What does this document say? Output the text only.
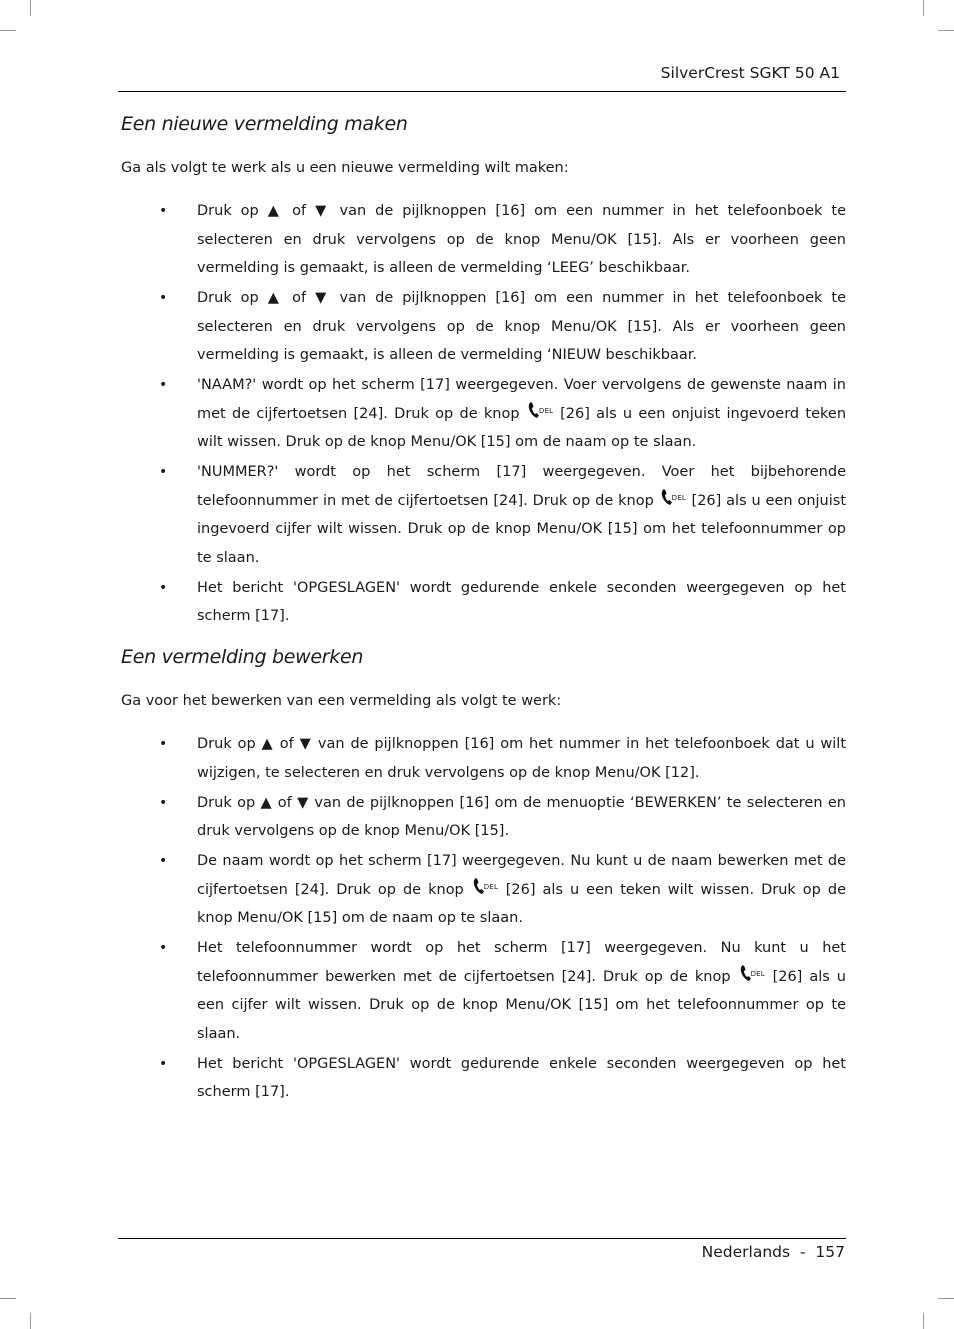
SilverCrest SGKT 50 A1
Een nieuwe vermelding maken
Ga als volgt te werk als u een nieuwe vermelding wilt maken:
• Druk op ▲ of ▼ van de pijlknoppen [16] om een nummer in het telefoonboek te selecteren en druk vervolgens op de knop Menu/OK [15]. Als er voorheen geen vermelding is gemaakt, is alleen de vermelding ‘LEEG’ beschikbaar.
• Druk op ▲ of ▼ van de pijlknoppen [16] om een nummer in het telefoonboek te selecteren en druk vervolgens op de knop Menu/OK [15]. Als er voorheen geen vermelding is gemaakt, is alleen de vermelding ‘NIEUW beschikbaar.
• 'NAAM?' wordt op het scherm [17] weergegeven. Voer vervolgens de gewenste naam in met de cijfertoetsen [24]. Druk op de knop	DEL [26] als u een onjuist ingevoerd teken wilt wissen. Druk op de knop Menu/OK [15] om de naam op te slaan.
• 'NUMMER?' wordt op het scherm [17] weergegeven. Voer het bijbehorende telefoonnummer in met de cijfertoetsen [24]. Druk op de knop	DEL [26] als u een onjuist ingevoerd cijfer wilt wissen. Druk op de knop Menu/OK [15] om het telefoonnummer op te slaan.
• Het bericht 'OPGESLAGEN' wordt gedurende enkele seconden weergegeven op het scherm [17].
Een vermelding bewerken
Ga voor het bewerken van een vermelding als volgt te werk:
• Druk op ▲ of ▼ van de pijlknoppen [16] om het nummer in het telefoonboek dat u wilt wijzigen, te selecteren en druk vervolgens op de knop Menu/OK [12].
• Druk op ▲ of ▼ van de pijlknoppen [16] om de menuoptie ‘BEWERKEN’ te selecteren en druk vervolgens op de knop Menu/OK [15].
• De naam wordt op het scherm [17] weergegeven. Nu kunt u de naam bewerken met de cijfertoetsen [24]. Druk op de knop	DEL [26] als u een teken wilt wissen. Druk op de knop Menu/OK [15] om de naam op te slaan.
• Het telefoonnummer wordt op het scherm [17] weergegeven. Nu kunt u het telefoonnummer bewerken met de cijfertoetsen [24]. Druk op de knop	DEL [26] als u een cijfer wilt wissen. Druk op de knop Menu/OK [15] om het telefoonnummer op te slaan.
• Het bericht 'OPGESLAGEN' wordt gedurende enkele seconden weergegeven op het scherm [17].
Nederlands - 157
